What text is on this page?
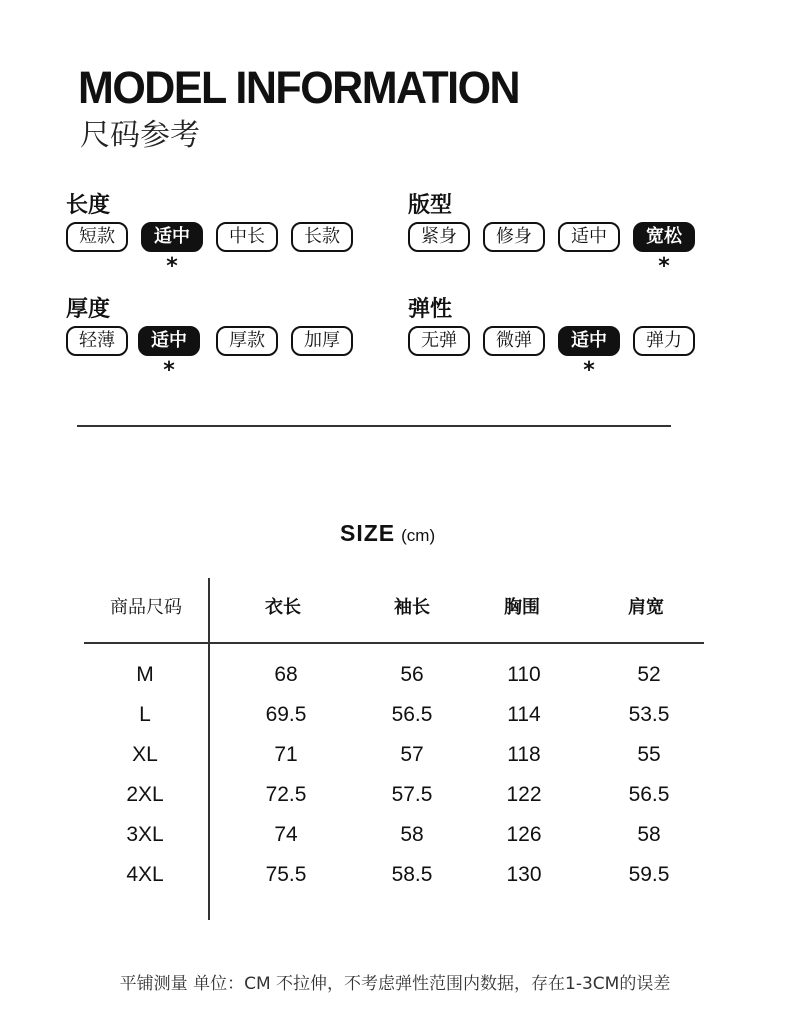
MODEL INFORMATION
尺码参考
长度
短款	适中	中长	长款
*
版型
紧身	修身	适中	宽松
*
厚度
轻薄	适中	厚款	加厚
*
弹性
无弹	微弹	适中	弹力
*
SIZE (cm)
商品尺码	衣长	袖长	胸围	肩宽
M	68	56	110	52
L	69.5	56.5	114	53.5
XL	71	57	118	55
2XL	72.5	57.5	122	56.5
3XL	74	58	126	58
4XL	75.5	58.5	130	59.5
平铺测量 单位：CM 不拉伸，不考虑弹性范围内数据，存在1-3CM的误差
